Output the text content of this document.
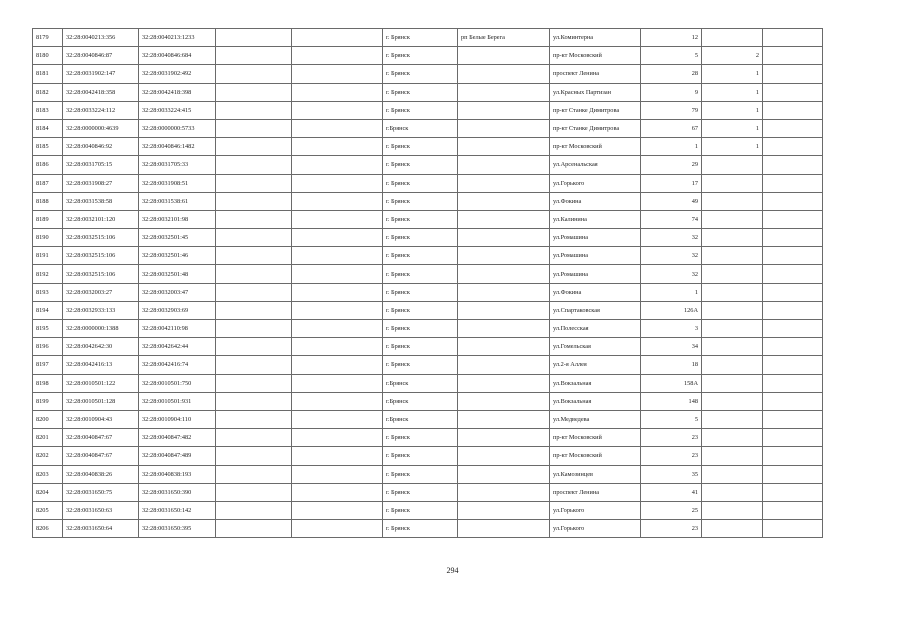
8179	32:28:0040213:356	32:28:0040213:1233			г. Брянск	рп Белые Берега	ул.Коминтерна	12		
8180	32:28:0040846:87	32:28:0040846:684			г. Брянск		пр-кт Московский	5	2	
8181	32:28:0031902:147	32:28:0031902:492			г. Брянск		проспект Ленина	28	1	
8182	32:28:0042418:358	32:28:0042418:398			г. Брянск		ул.Красных Партизан	9	1	
8183	32:28:0033224:112	32:28:0033224:415			г. Брянск		пр-кт Станке Димитрова	79	1	
8184	32:28:0000000:4639	32:28:0000000:5733			г.Брянск		пр-кт Станке Димитрова	67	1	
8185	32:28:0040846:92	32:28:0040846:1482			г. Брянск		пр-кт Московский	1	1	
8186	32:28:0031705:15	32:28:0031705:33			г. Брянск		ул.Арсенальская	29		
8187	32:28:0031908:27	32:28:0031908:51			г. Брянск		ул.Горького	17		
8188	32:28:0031538:58	32:28:0031538:61			г. Брянск		ул.Фокина	49		
8189	32:28:0032101:120	32:28:0032101:98			г. Брянск		ул.Калинина	74		
8190	32:28:0032515:106	32:28:0032501:45			г. Брянск		ул.Ромашина	32		
8191	32:28:0032515:106	32:28:0032501:46			г. Брянск		ул.Ромашина	32		
8192	32:28:0032515:106	32:28:0032501:48			г. Брянск		ул.Ромашина	32		
8193	32:28:0032003:27	32:28:0032003:47			г. Брянск		ул.Фокина	1		
8194	32:28:0032933:133	32:28:0032903:69			г. Брянск		ул.Спартаковская	126А		
8195	32:28:0000000:1388	32:28:0042110:98			г. Брянск		ул.Полесская	3		
8196	32:28:0042642:30	32:28:0042642:44			г. Брянск		ул.Гомельская	34		
8197	32:28:0042416:13	32:28:0042416:74			г. Брянск		ул.2-я Аллея	18		
8198	32:28:0010501:122	32:28:0010501:750			г.Брянск		ул.Вокзальная	158А		
8199	32:28:0010501:128	32:28:0010501:931			г.Брянск		ул.Вокзальная	148		
8200	32:28:0010904:43	32:28:0010904:110			г.Брянск		ул.Медведева	5		
8201	32:28:0040847:67	32:28:0040847:482			г. Брянск		пр-кт Московский	23		
8202	32:28:0040847:67	32:28:0040847:489			г. Брянск		пр-кт Московский	23		
8203	32:28:0040838:26	32:28:0040838:193			г. Брянск		ул.Камозинцев	35		
8204	32:28:0031650:75	32:28:0031650:390			г. Брянск		проспект Ленина	41		
8205	32:28:0031650:63	32:28:0031650:142			г. Брянск		ул.Горького	25		
8206	32:28:0031650:64	32:28:0031650:395			г. Брянск		ул.Горького	23		
294
